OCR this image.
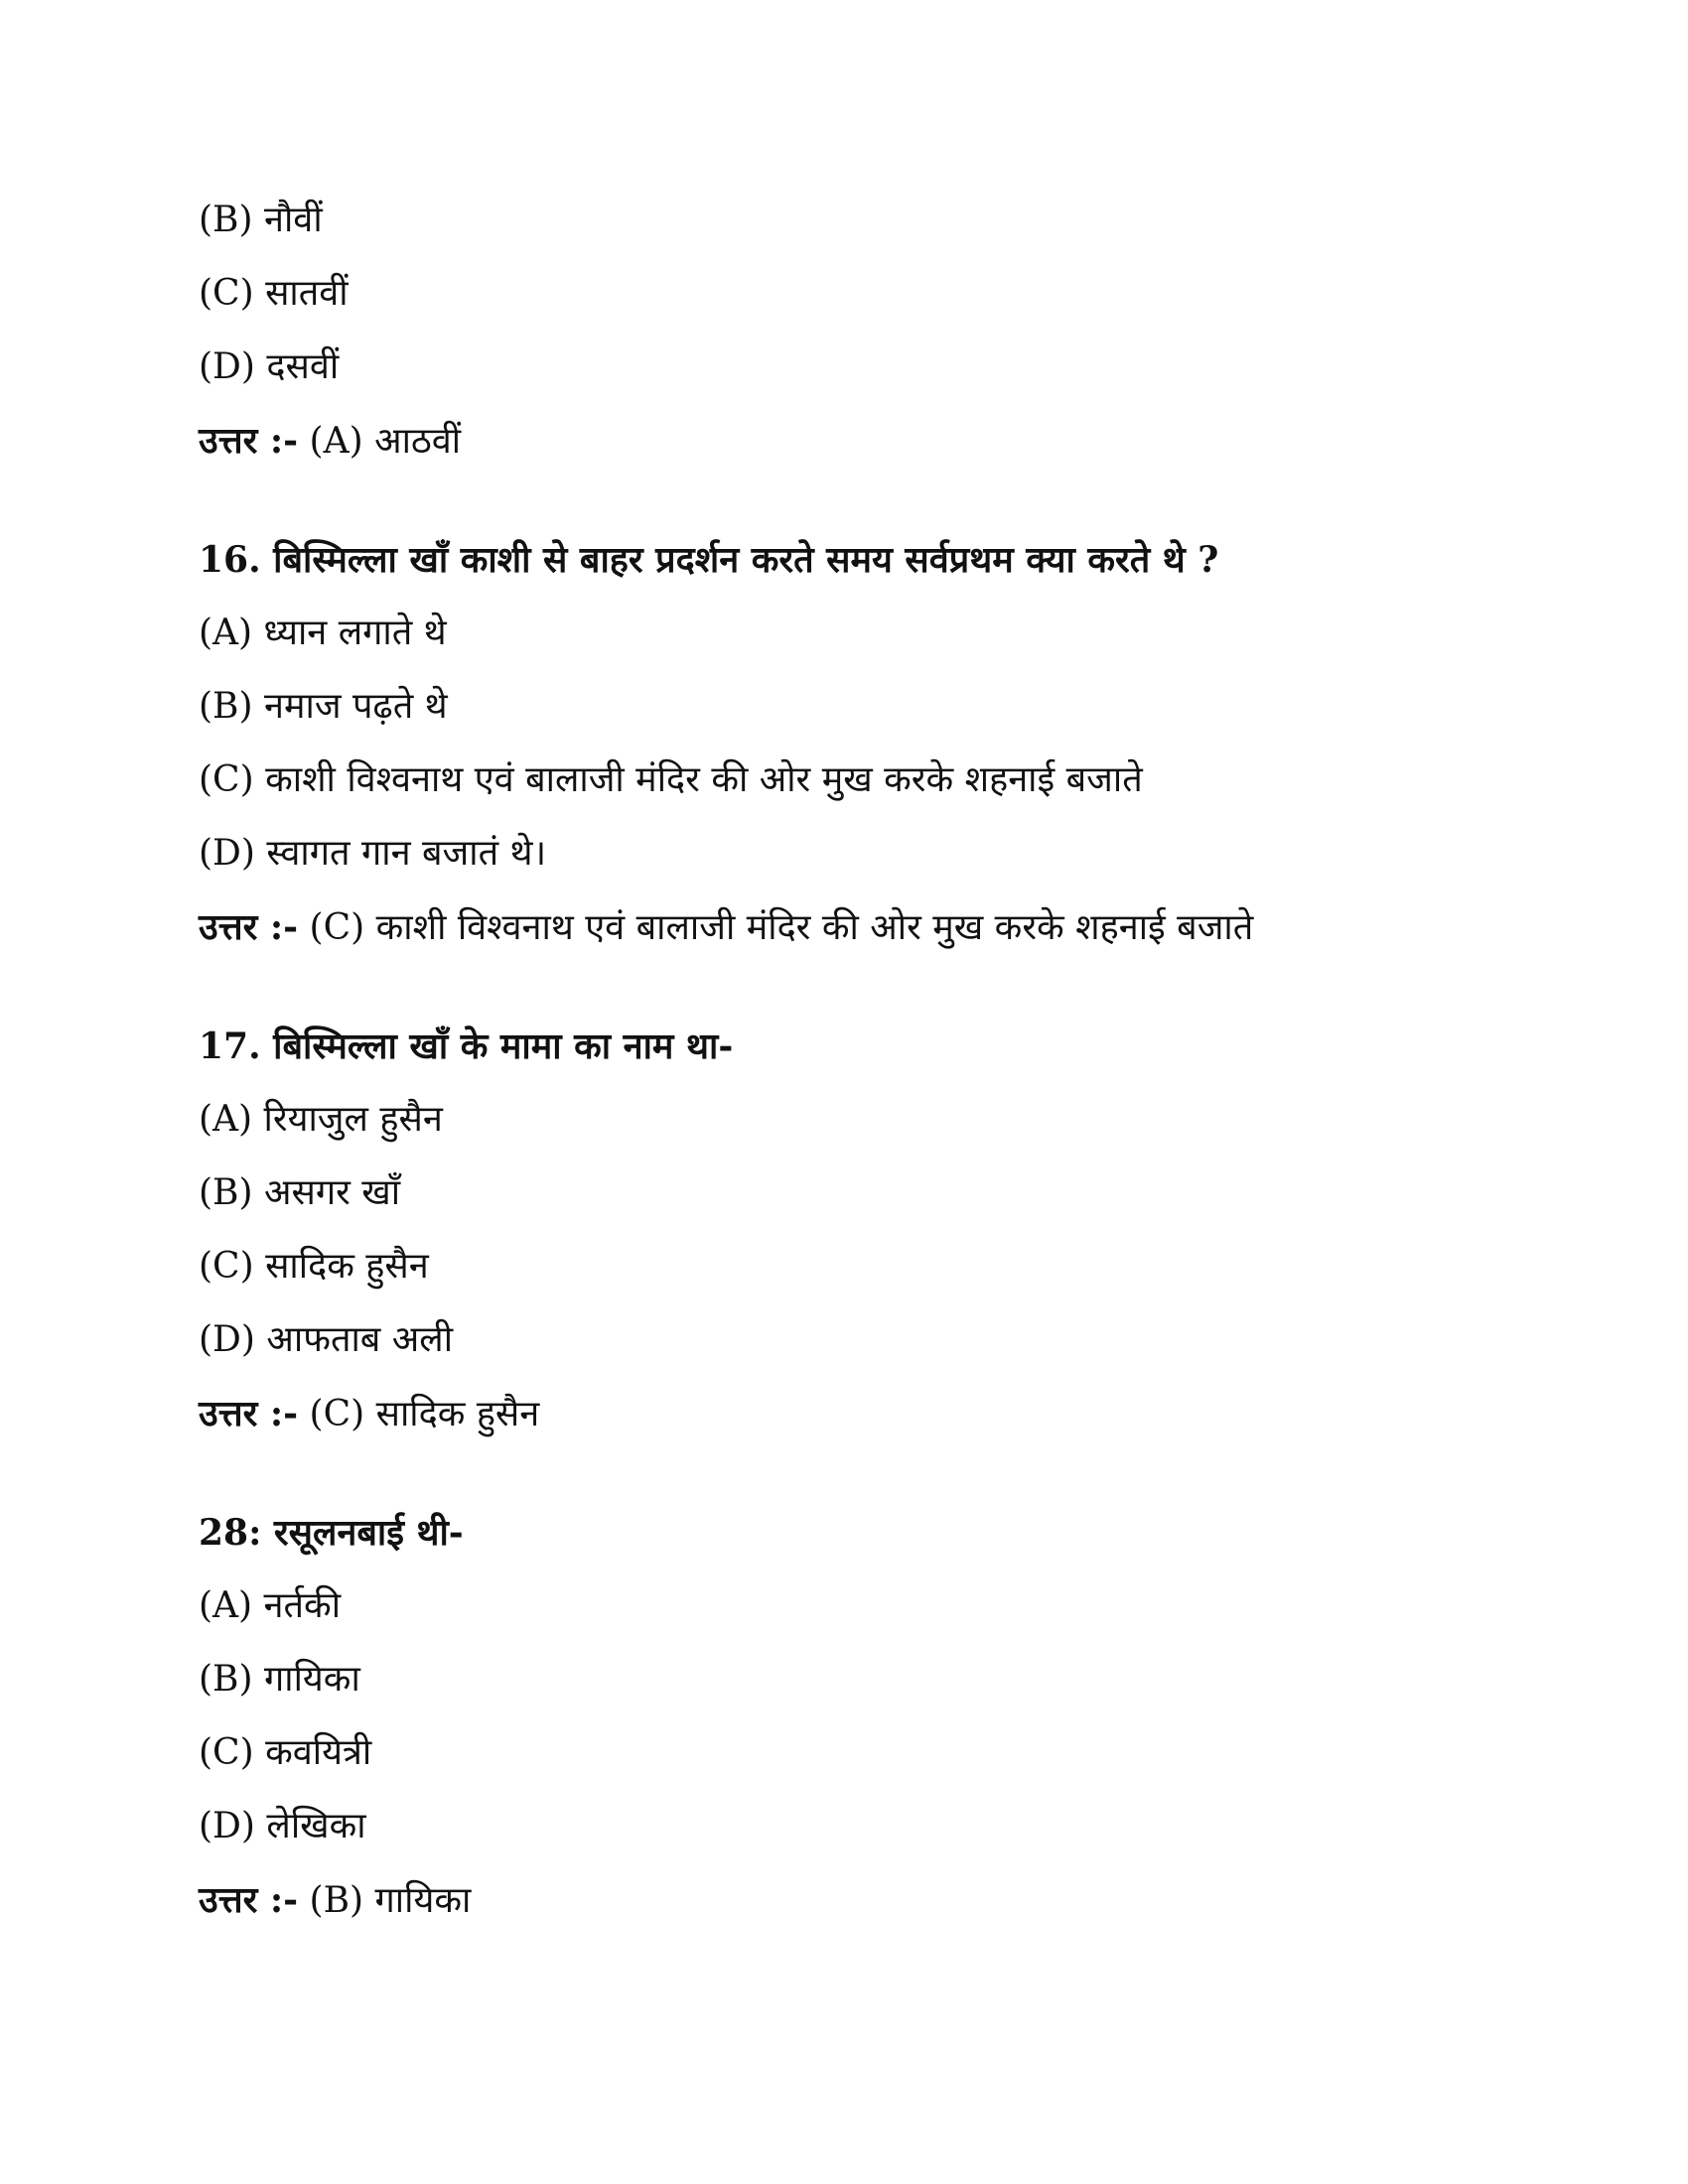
(B) नौवीं
(C) सातवीं
(D) दसवीं
उत्तर :- (A) आठवीं
16. बिस्मिल्ला खाँ काशी से बाहर प्रदर्शन करते समय सर्वप्रथम क्या करते थे ?
(A) ध्यान लगाते थे
(B) नमाज पढ़ते थे
(C) काशी विश्वनाथ एवं बालाजी मंदिर की ओर मुख करके शहनाई बजाते
(D) स्वागत गान बजातं थे।
उत्तर :- (C) काशी विश्वनाथ एवं बालाजी मंदिर की ओर मुख करके शहनाई बजाते
17. बिस्मिल्ला खाँ के मामा का नाम था-
(A) रियाजुल हुसैन
(B) असगर खाँ
(C) सादिक हुसैन
(D) आफताब अली
उत्तर :- (C) सादिक हुसैन
28: रसूलनबाई थी-
(A) नर्तकी
(B) गायिका
(C) कवयित्री
(D) लेखिका
उत्तर :- (B) गायिका
